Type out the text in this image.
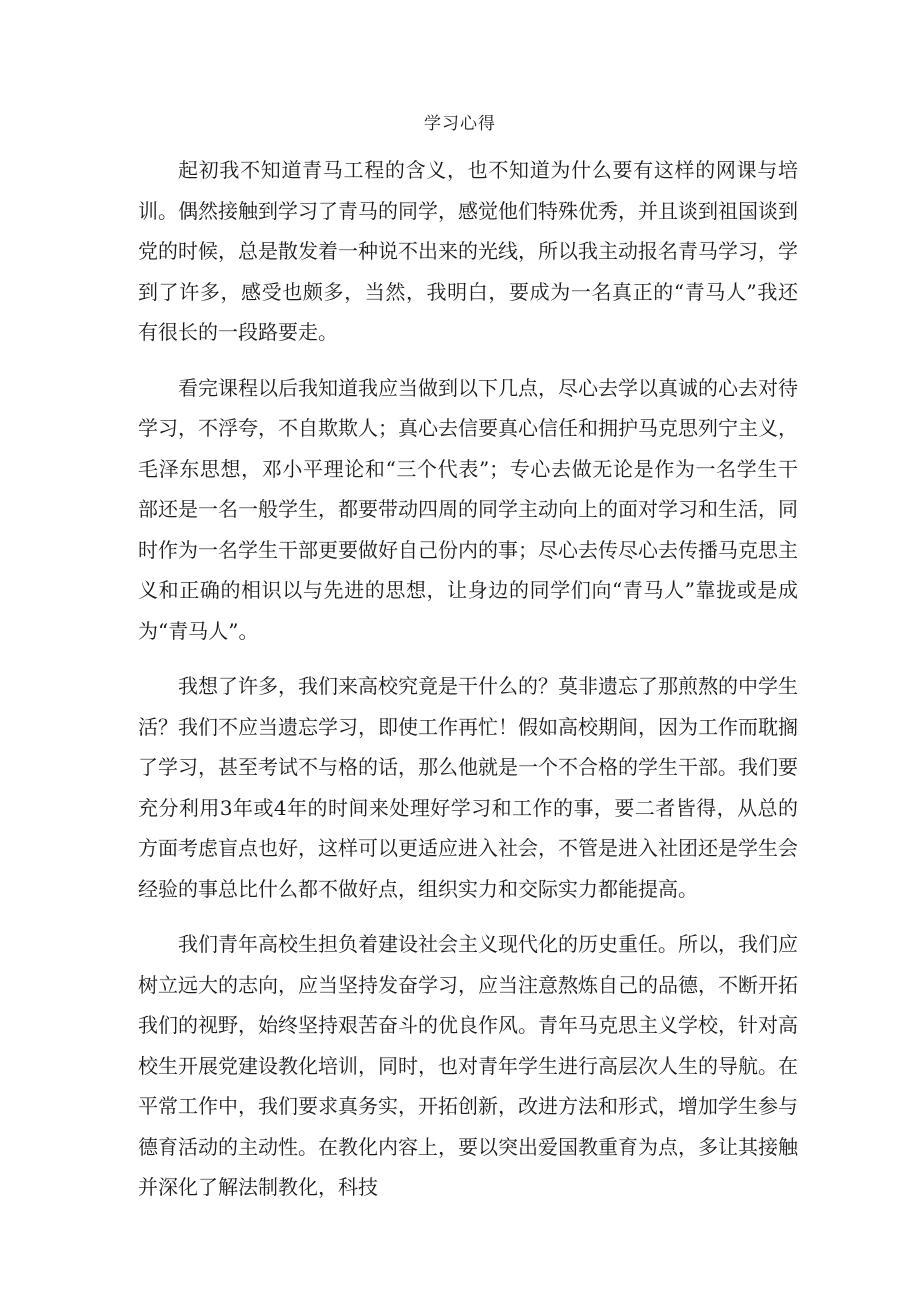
学习心得

起初我不知道青马工程的含义，也不知道为什么要有这样的网课与培训。偶然接触到学习了青马的同学，感觉他们特殊优秀，并且谈到祖国谈到党的时候，总是散发着一种说不出来的光线，所以我主动报名青马学习，学到了许多，感受也颇多，当然，我明白，要成为一名真正的“青马人”我还有很长的一段路要走。

看完课程以后我知道我应当做到以下几点，尽心去学以真诚的心去对待学习，不浮夸，不自欺欺人；真心去信要真心信任和拥护马克思列宁主义，毛泽东思想，邓小平理论和“三个代表”；专心去做无论是作为一名学生干部还是一名一般学生，都要带动四周的同学主动向上的面对学习和生活，同时作为一名学生干部更要做好自己份内的事；尽心去传尽心去传播马克思主义和正确的相识以与先进的思想，让身边的同学们向“青马人”靠拢或是成为“青马人”。

我想了许多，我们来高校究竟是干什么的？莫非遗忘了那煎熬的中学生活？我们不应当遗忘学习，即使工作再忙！假如高校期间，因为工作而耽搁了学习，甚至考试不与格的话，那么他就是一个不合格的学生干部。我们要充分利用3年或4年的时间来处理好学习和工作的事，要二者皆得，从总的方面考虑盲点也好，这样可以更适应进入社会，不管是进入社团还是学生会经验的事总比什么都不做好点，组织实力和交际实力都能提高。

我们青年高校生担负着建设社会主义现代化的历史重任。所以，我们应树立远大的志向，应当坚持发奋学习，应当注意熬炼自己的品德，不断开拓我们的视野，始终坚持艰苦奋斗的优良作风。青年马克思主义学校，针对高校生开展党建设教化培训，同时，也对青年学生进行高层次人生的导航。在平常工作中，我们要求真务实，开拓创新，改进方法和形式，增加学生参与德育活动的主动性。在教化内容上，要以突出爱国教重育为点，多让其接触并深化了解法制教化，科技
